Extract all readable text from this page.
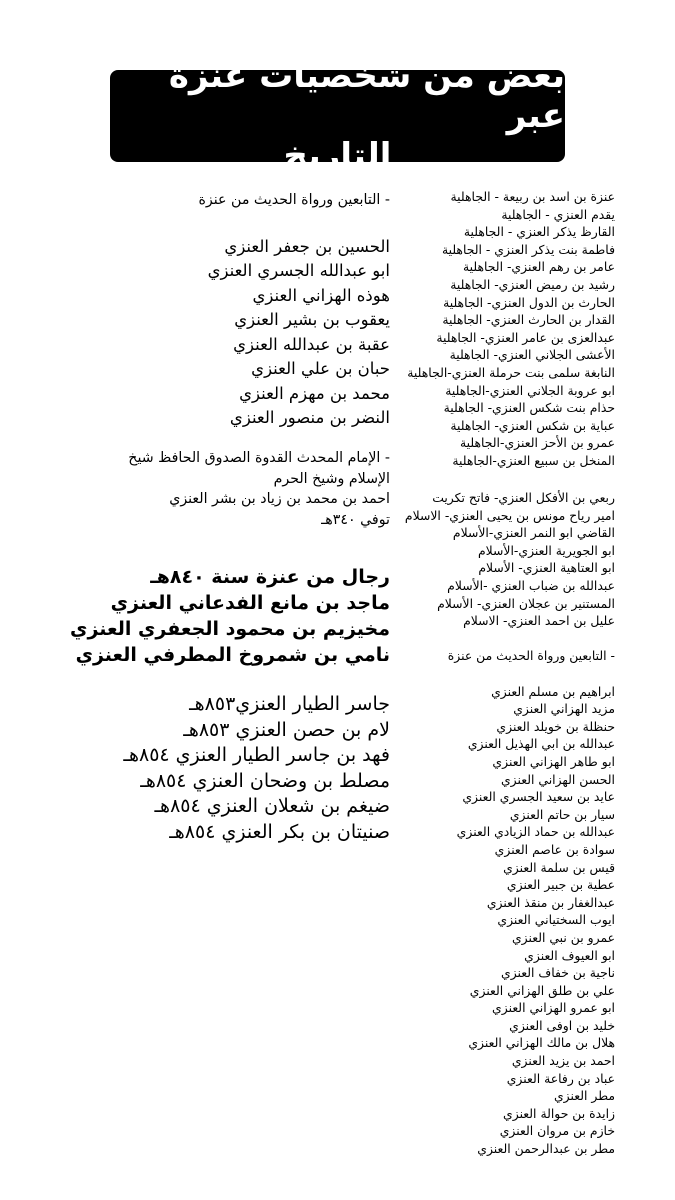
بعض من شخصيات عنزة عبر
التاريخ
- التابعين ورواة الحديث من عنزة
الحسين بن جعفر العنزي
ابو عبدالله الجسري العنزي
هوذه الهزاني العنزي
يعقوب بن بشير العنزي
عقبة بن عبدالله العنزي
حبان بن علي العنزي
محمد بن مهزم العنزي
النضر بن منصور العنزي
- الإمام المحدث القدوة الصدوق الحافظ شيخ
الإسلام وشيخ الحرم
احمد بن محمد بن زياد بن بشر العنزي
توفي ٣٤٠هـ
رجال من عنزة سنة ٨٤٠هـ
ماجد بن مانع الفدعاني العنزي
مخيزيم بن محمود الجعفري العنزي
نامي بن شمروخ المطرفي العنزي
جاسر الطيار العنزي٨٥٣هـ
لام بن حصن العنزي ٨٥٣هـ
فهد بن جاسر الطيار العنزي ٨٥٤هـ
مصلط بن وضحان العنزي ٨٥٤هـ
ضيغم بن شعلان العنزي ٨٥٤هـ
صنيتان بن بكر العنزي ٨٥٤هـ
عنزة بن اسد بن ربيعة - الجاهلية
يقدم العنزي - الجاهلية
القارظ يذكر العنزي - الجاهلية
فاطمة بنت يذكر العنزي - الجاهلية
عامر بن رهم العنزي- الجاهلية
رشيد بن رميض العنزي- الجاهلية
الحارث بن الدول العنزي- الجاهلية
القدار بن الحارث العنزي- الجاهلية
عبدالعزى بن عامر العنزي- الجاهلية
الأعشى الجلاني العنزي- الجاهلية
النابغة سلمى بنت حرملة العنزي-الجاهلية
ابو عروبة الجلاني العنزي-الجاهلية
حذام بنت شكس العنزي- الجاهلية
عباية بن شكس العنزي- الجاهلية
عمرو بن الأحز العنزي-الجاهلية
المنخل بن سبيع العنزي-الجاهلية
ربعي بن الأفكل العنزي- فاتح تكريت
امير رياح مونس بن يحيى العنزي- الاسلام
القاضي ابو النمر العنزي-الأسلام
ابو الجويرية العنزي-الأسلام
ابو العتاهية العنزي- الأسلام
عبدالله بن ضباب العنزي -الأسلام
المستنير بن عجلان العنزي- الأسلام
عليل بن احمد العنزي- الاسلام
- التابعين ورواة الحديث من عنزة
ابراهيم بن مسلم العنزي
مزيد الهزاني العنزي
حنظلة بن خويلد العنزي
عبدالله بن ابي الهذيل العنزي
ابو طاهر الهزاني العنزي
الحسن الهزاني العنزي
عايد بن سعيد الجسري العنزي
سيار بن حاتم العنزي
عبدالله بن حماد الزيادي العنزي
سوادة بن عاصم العنزي
قيس بن سلمة العنزي
عطية بن جبير العنزي
عبدالغفار بن منقذ العنزي
ايوب السختياني العنزي
عمرو بن نبي العنزي
ابو العيوف العنزي
ناجية بن خفاف العنزي
علي بن طلق الهزاني العنزي
ابو عمرو الهزاني العنزي
خليد بن اوفى العنزي
هلال بن مالك الهزاني العنزي
احمد بن يزيد العنزي
عباد بن رفاعة العنزي
مطر العنزي
زايدة بن حوالة العنزي
خازم بن مروان العنزي
مطر بن عبدالرحمن العنزي
